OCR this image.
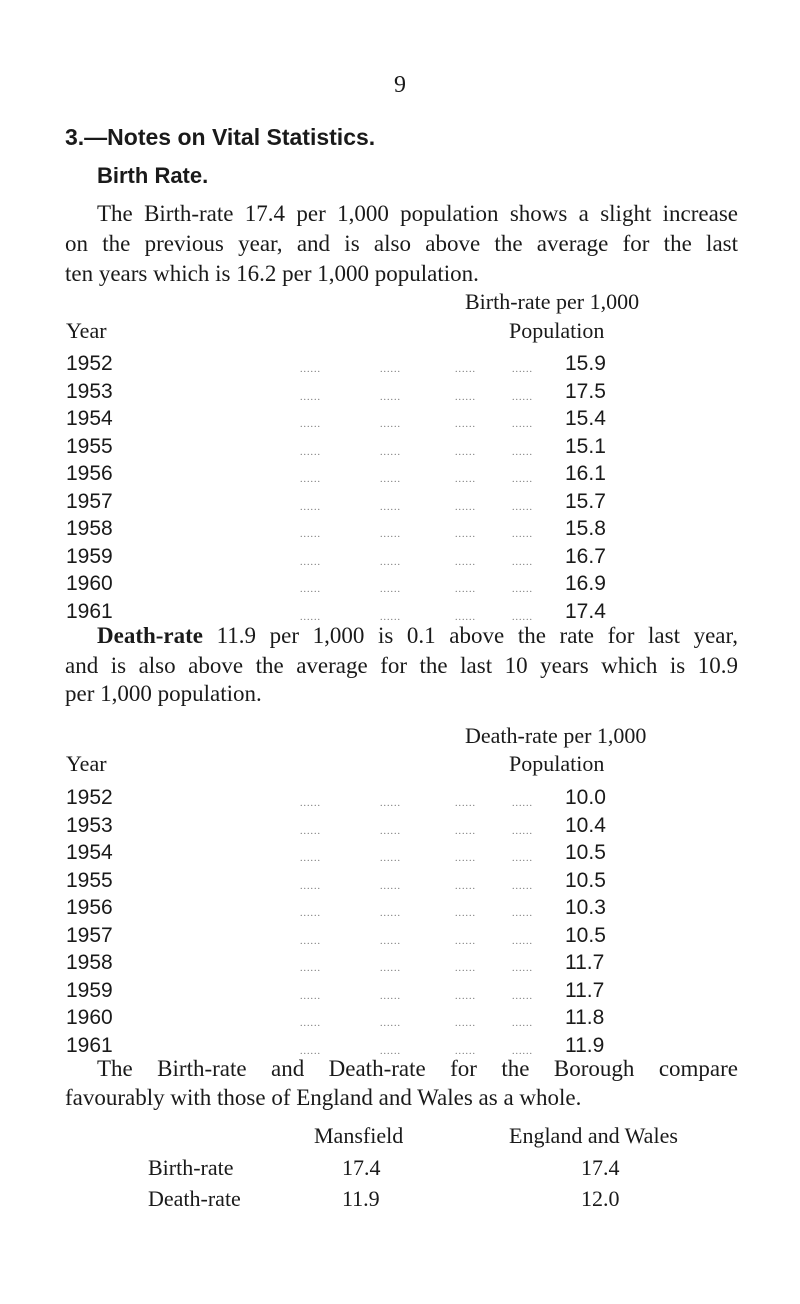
9
3.—Notes on Vital Statistics.
Birth Rate.
The Birth-rate 17.4 per 1,000 population shows a slight increase
on the previous year, and is also above the average for the last
ten years which is 16.2 per 1,000 population.
Birth-rate per 1,000
Year	Population
......	......	......	......
1952	15.9
......	......	......	......
1953	17.5
......	......	......	......
1954	15.4
......	......	......	......
1955	15.1
......	......	......	......
1956	16.1
......	......	......	......
1957	15.7
......	......	......	......
1958	15.8
......	......	......	......
1959	16.7
......	......	......	......
1960	16.9
......	......	......	......
1961	17.4
Death-rate 11.9 per 1,000 is 0.1 above the rate for last year,
and is also above the average for the last 10 years which is 10.9
per 1,000 population.
Death-rate per 1,000
Year	Population
......	......	......	......
1952	10.0
......	......	......	......
1953	10.4
......	......	......	......
1954	10.5
......	......	......	......
1955	10.5
......	......	......	......
1956	10.3
......	......	......	......
1957	10.5
......	......	......	......
1958	11.7
......	......	......	......
1959	11.7
......	......	......	......
1960	11.8
......	......	......	......
1961	11.9
The Birth-rate and Death-rate for the Borough compare
favourably with those of England and Wales as a whole.
Mansfield	England and Wales
Birth-rate	17.4	17.4
Death-rate	11.9	12.0
